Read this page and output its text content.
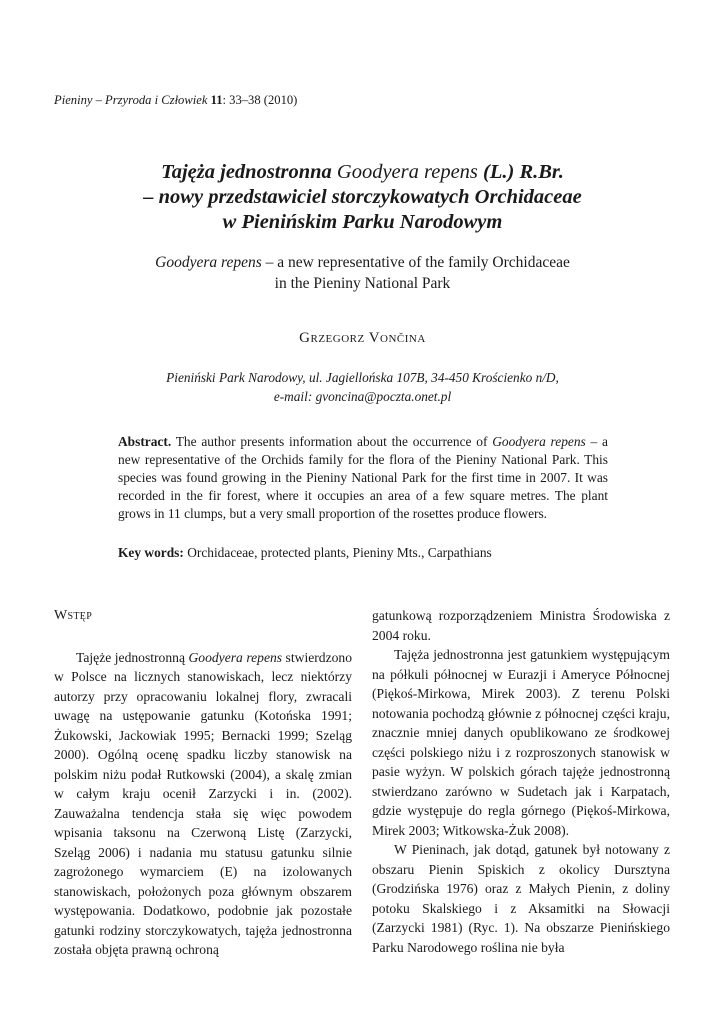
Pieniny – Przyroda i Człowiek 11: 33–38 (2010)
Tajęża jednostronna Goodyera repens (L.) R.Br.
– nowy przedstawiciel storczykowatych Orchidaceae
w Pienińskim Parku Narodowym
Goodyera repens – a new representative of the family Orchidaceae
in the Pieniny National Park
Grzegorz Vončina
Pieniński Park Narodowy, ul. Jagiellońska 107B, 34-450 Krościenko n/D,
e-mail: gvoncina@poczta.onet.pl
Abstract. The author presents information about the occurrence of Goodyera repens – a new representative of the Orchids family for the flora of the Pieniny National Park. This species was found growing in the Pieniny National Park for the first time in 2007. It was recorded in the fir forest, where it occupies an area of a few square metres. The plant grows in 11 clumps, but a very small proportion of the rosettes produce flowers.
Key words: Orchidaceae, protected plants, Pieniny Mts., Carpathians
Wstęp

Tajęże jednostronną Goodyera repens stwierdzono w Polsce na licznych stanowiskach, lecz niektórzy autorzy przy opracowaniu lokalnej flory, zwracali uwagę na ustępowanie gatunku (Kotońska 1991; Żukowski, Jackowiak 1995; Bernacki 1999; Szeląg 2000). Ogólną ocenę spadku liczby stanowisk na polskim niżu podał Rutkowski (2004), a skalę zmian w całym kraju ocenił Zarzycki i in. (2002). Zauważalna tendencja stała się więc powodem wpisania taksonu na Czerwoną Listę (Zarzycki, Szeląg 2006) i nadania mu statusu gatunku silnie zagrożonego wymarciem (E) na izolowanych stanowiskach, położonych poza głównym obszarem występowania. Dodatkowo, podobnie jak pozostałe gatunki rodziny storczykowatych, tajęża jednostronna została objęta prawną ochroną

gatunkową rozporządzeniem Ministra Środowiska z 2004 roku.

Tajęża jednostronna jest gatunkiem występującym na półkuli północnej w Eurazji i Ameryce Północnej (Piękoś-Mirkowa, Mirek 2003). Z terenu Polski notowania pochodzą głównie z północnej części kraju, znacznie mniej danych opublikowano ze środkowej części polskiego niżu i z rozproszonych stanowisk w pasie wyżyn. W polskich górach tajęże jednostronną stwierdzano zarówno w Sudetach jak i Karpatach, gdzie występuje do regla górnego (Piękoś-Mirkowa, Mirek 2003; Witkowska-Żuk 2008).

W Pieninach, jak dotąd, gatunek był notowany z obszaru Pienin Spiskich z okolicy Dursztyna (Grodzińska 1976) oraz z Małych Pienin, z doliny potoku Skalskiego i z Aksamitki na Słowacji (Zarzycki 1981) (Ryc. 1). Na obszarze Pienińskiego Parku Narodowego roślina nie była
